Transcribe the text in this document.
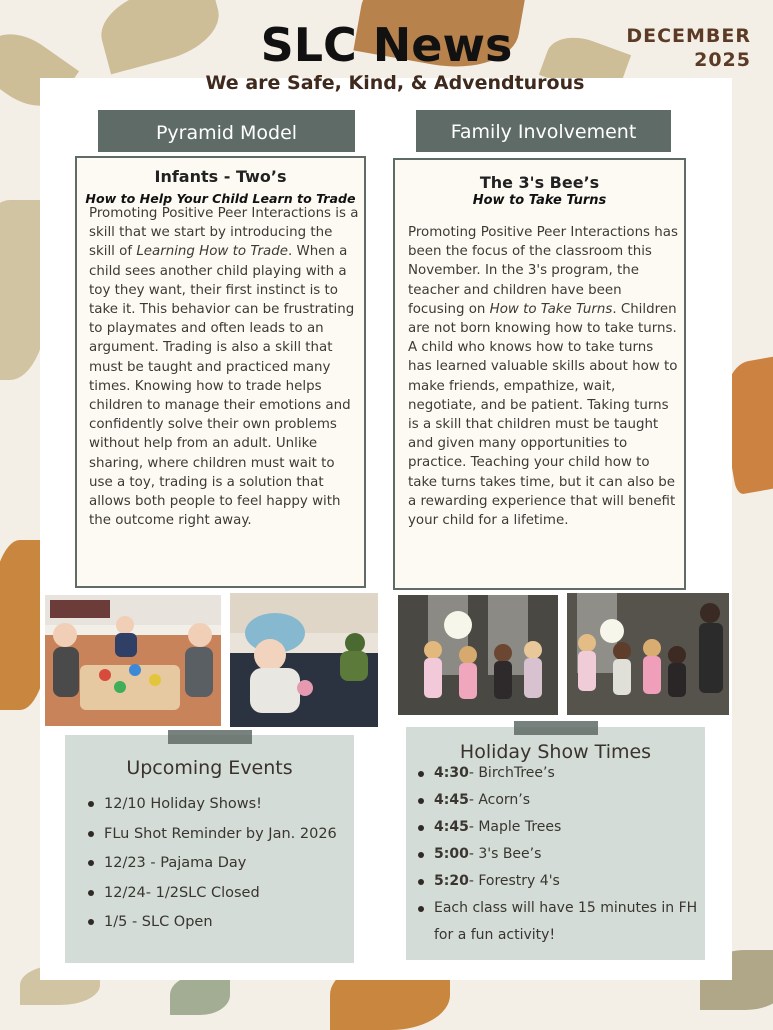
SLC News	DECEMBER
2025
We are Safe, Kind, & Advendturous
Pyramid Model	Family Involvement
Infants - Two’s
How to Help Your Child Learn to Trade
Promoting Positive Peer Interactions is a skill that we start by introducing the skill of Learning How to Trade. When a child sees another child playing with a toy they want, their first instinct is to take it. This behavior can be frustrating to playmates and often leads to an argument. Trading is also a skill that must be taught and practiced many times. Knowing how to trade helps children to manage their emotions and confidently solve their own problems without help from an adult. Unlike sharing, where children must wait to use a toy, trading is a solution that allows both people to feel happy with the outcome right away.
The 3's Bee’s
How to Take Turns
Promoting Positive Peer Interactions has been the focus of the classroom this November. In the 3's program, the teacher and children have been focusing on How to Take Turns. Children are not born knowing how to take turns. A child who knows how to take turns has learned valuable skills about how to make friends, empathize, wait, negotiate, and be patient. Taking turns is a skill that children must be taught and given many opportunities to practice. Teaching your child how to take turns takes time, but it can also be a rewarding experience that will benefit your child for a lifetime.
Upcoming Events
12/10 Holiday Shows!
FLu Shot Reminder by Jan. 2026
12/23 - Pajama Day
12/24- 1/2SLC Closed
1/5 - SLC Open
Holiday Show Times
4:30- BirchTree’s
4:45- Acorn’s
4:45- Maple Trees
5:00- 3's Bee’s
5:20- Forestry 4's
Each class will have 15 minutes in FH for a fun activity!
